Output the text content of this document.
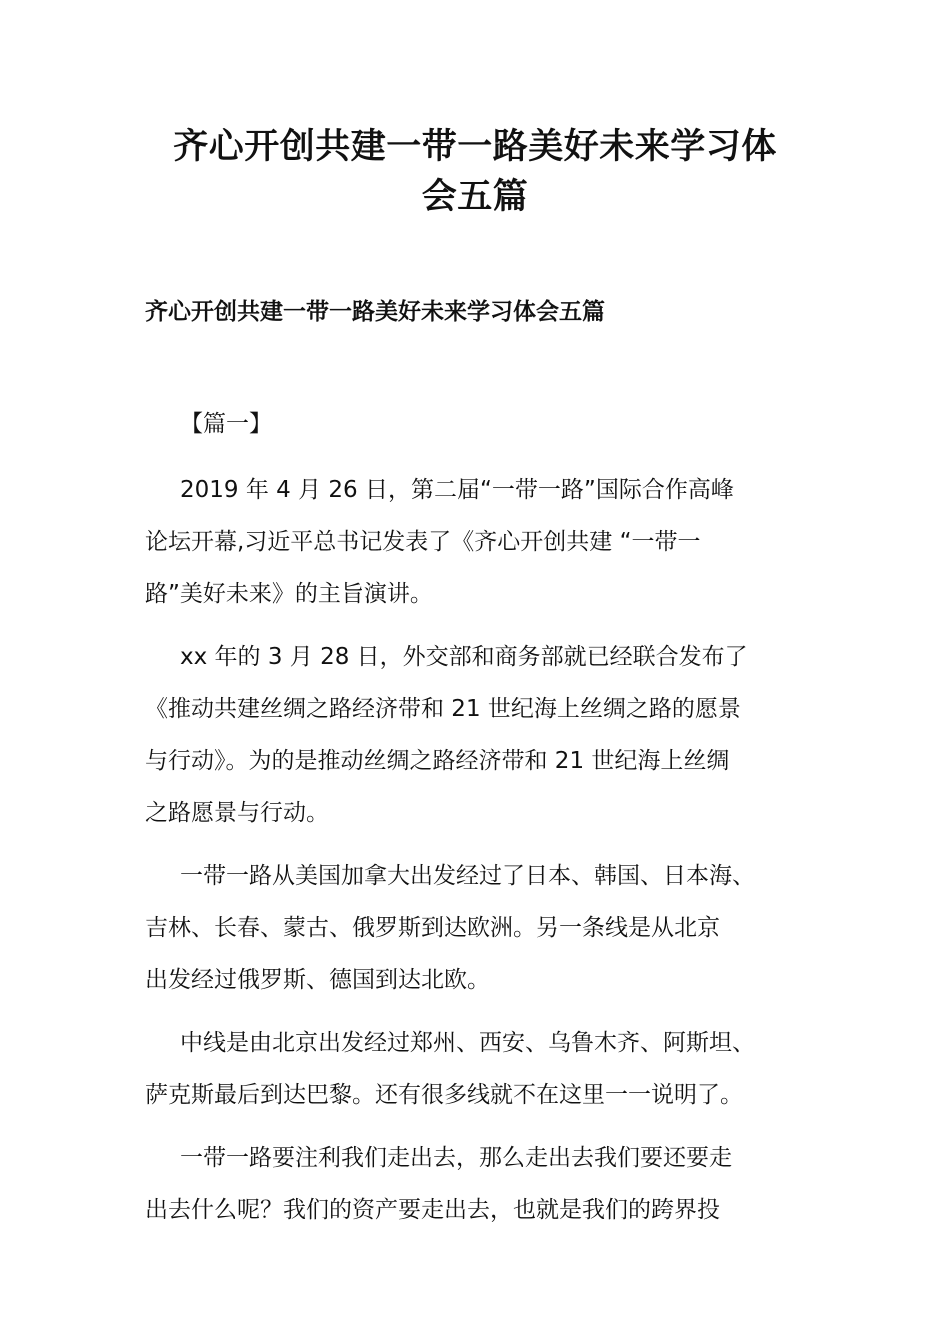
齐心开创共建一带一路美好未来学习体
会五篇
齐心开创共建一带一路美好未来学习体会五篇

【篇一】

2019 年 4 月 26 日，第二届“一带一路”国际合作高峰
论坛开幕,习近平总书记发表了《齐心开创共建 “一带一
路”美好未来》的主旨演讲。

xx 年的 3 月 28 日，外交部和商务部就已经联合发布了
《推动共建丝绸之路经济带和 21 世纪海上丝绸之路的愿景
与行动》。为的是推动丝绸之路经济带和 21 世纪海上丝绸
之路愿景与行动。

一带一路从美国加拿大出发经过了日本、韩国、日本海、
吉林、长春、蒙古、俄罗斯到达欧洲。另一条线是从北京
出发经过俄罗斯、德国到达北欧。

中线是由北京出发经过郑州、西安、乌鲁木齐、阿斯坦、
萨克斯最后到达巴黎。还有很多线就不在这里一一说明了。

一带一路要注利我们走出去，那么走出去我们要还要走
出去什么呢？我们的资产要走出去，也就是我们的跨界投
